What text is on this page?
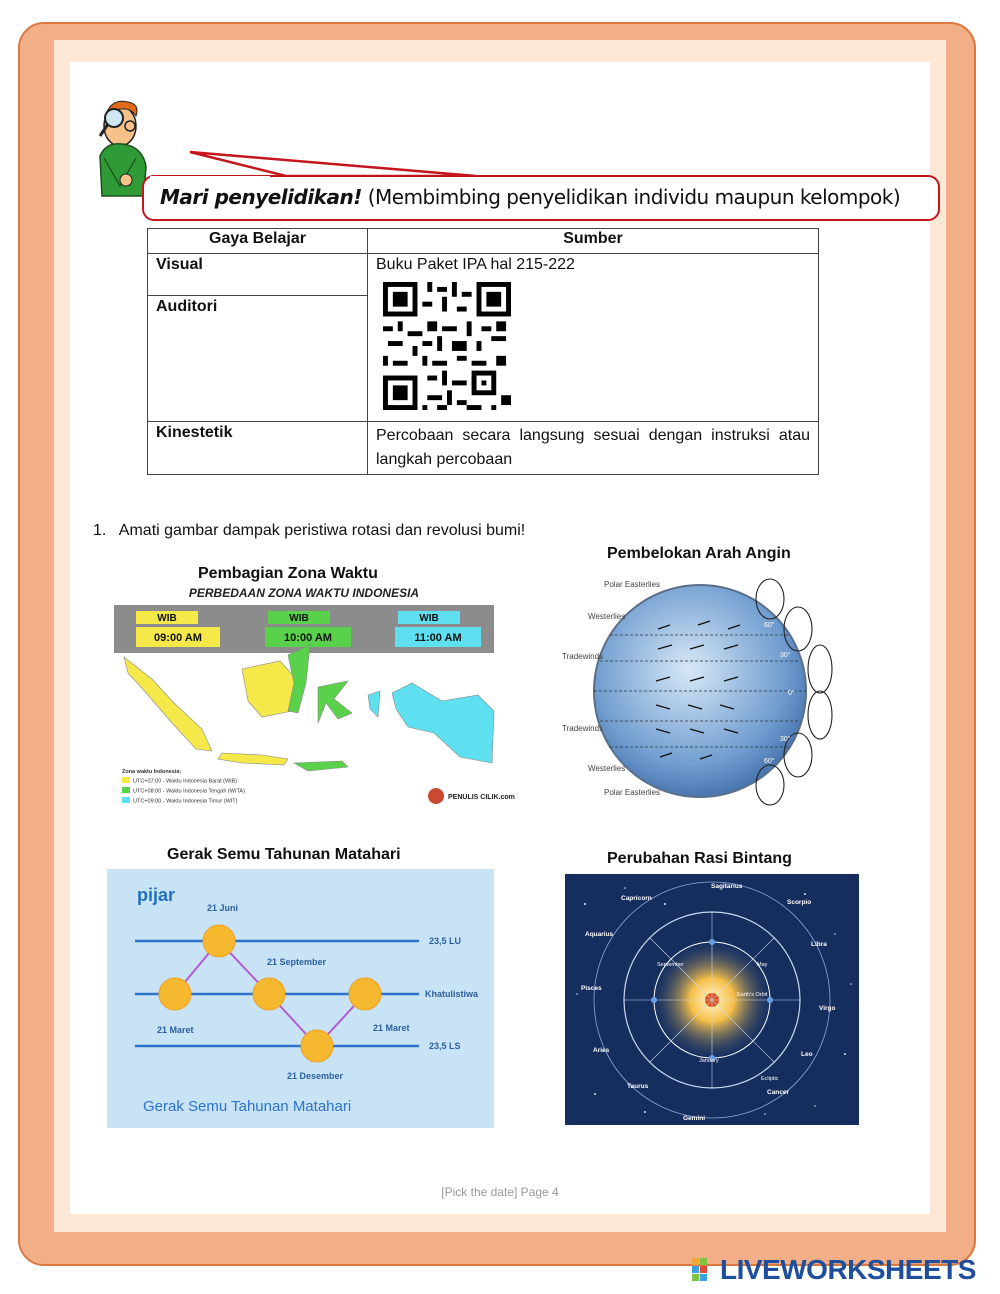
Mari penyelidikan! (Membimbing penyelidikan individu maupun kelompok)
Gaya Belajar	Sumber
Visual	Buku Paket IPA hal 215-222

Auditori	
Kinestetik	Percobaan secara langsung sesuai dengan instruksi atau langkah percobaan
1. Amati gambar dampak peristiwa rotasi dan revolusi bumi!
Pembagian Zona Waktu
Pembelokan Arah Angin
Gerak Semu Tahunan Matahari	Perubahan Rasi Bintang
PERBEDAAN ZONA WAKTU INDONESIA
WIB	WIB	WIB
09:00 AM	10:00 AM	11:00 AM
Zona waktu Indonesia:
UTC+07:00 - Waktu Indonesia Barat (WIB)
UTC+08:00 - Waktu Indonesia Tengah (WITA)
UTC+09:00 - Waktu Indonesia Timur (WIT)
PENULIS CILIK.com
Polar Easterlies
Westerlies
Tradewinds
Tradewinds
Westerlies
Polar Easterlies
60°
30°
0°
30°
60°
pijar
21 Juni
21 September
21 Maret	21 Maret
21 Desember
23,5 LU
Khatulistiwa
23,5 LS
Gerak Semu Tahunan Matahari
Sagitarius
Capricorn
Scorpio
Aquarius
Libra
Pisces
Virgo
Aries
Leo
Taurus
Cancer
Gemini
Earth's Orbit
January
September	May
Ecliptic
[Pick the date] Page 4
LIVEWORKSHEETS
